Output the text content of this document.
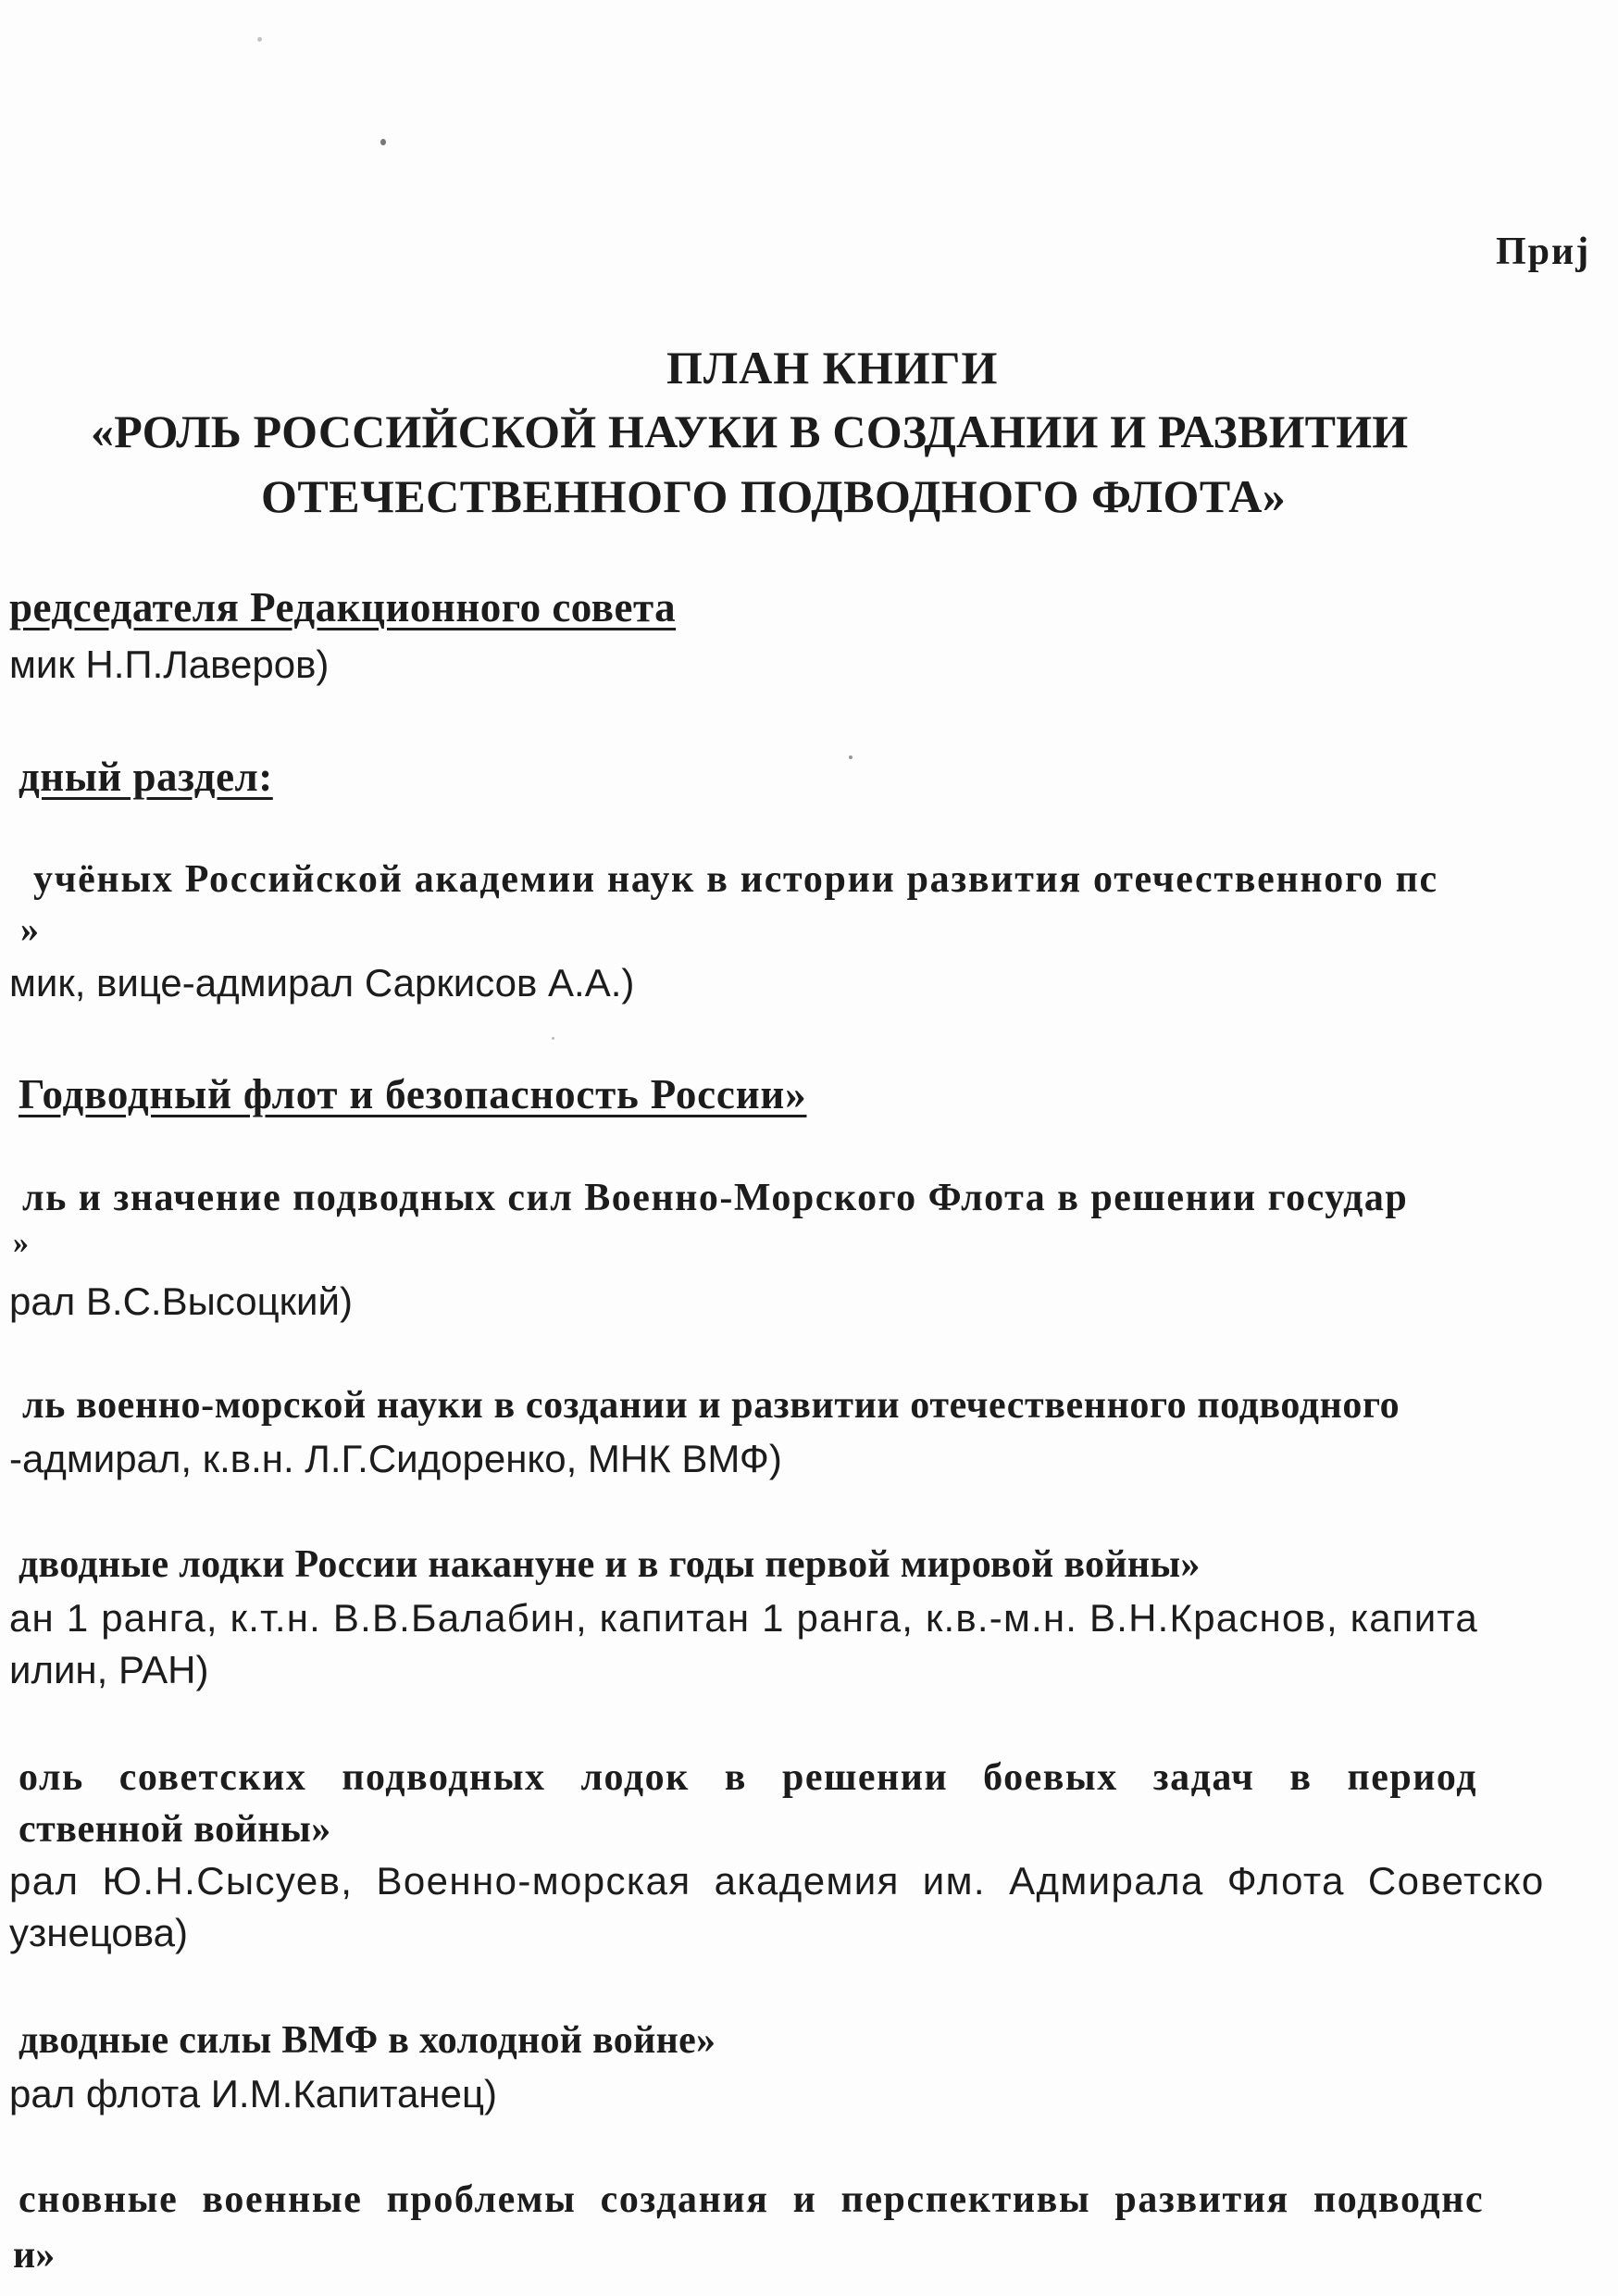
Приј

ПЛАН КНИГИ

«РОЛЬ РОССИЙСКОЙ НАУКИ В СОЗДАНИИ И РАЗВИТИИ

ОТЕЧЕСТВЕННОГО ПОДВОДНОГО ФЛОТА»

редседателя Редакционного совета

мик Н.П.Лаверов)

дный раздел:

учёных Российской академии наук в истории развития отечественного пс

»

мик, вице-адмирал Саркисов А.А.)

Годводный флот и безопасность России»

ль и значение подводных сил Военно-Морского Флота в решении государ

»

рал В.С.Высоцкий)

ль военно-морской науки в создании и развитии отечественного подводного

-адмирал, к.в.н. Л.Г.Сидоренко, МНК ВМФ)

дводные лодки России накануне и в годы первой мировой войны»

ан 1 ранга, к.т.н. В.В.Балабин, капитан 1 ранга, к.в.-м.н. В.Н.Краснов, капита

илин, РАН)

оль советских подводных лодок в решении боевых задач в период

ственной войны»

рал Ю.Н.Сысуев, Военно-морская академия им. Адмирала Флота Советско

узнецова)

дводные силы ВМФ в холодной войне»

рал флота И.М.Капитанец)

сновные военные проблемы создания и перспективы развития подводнс

и»
